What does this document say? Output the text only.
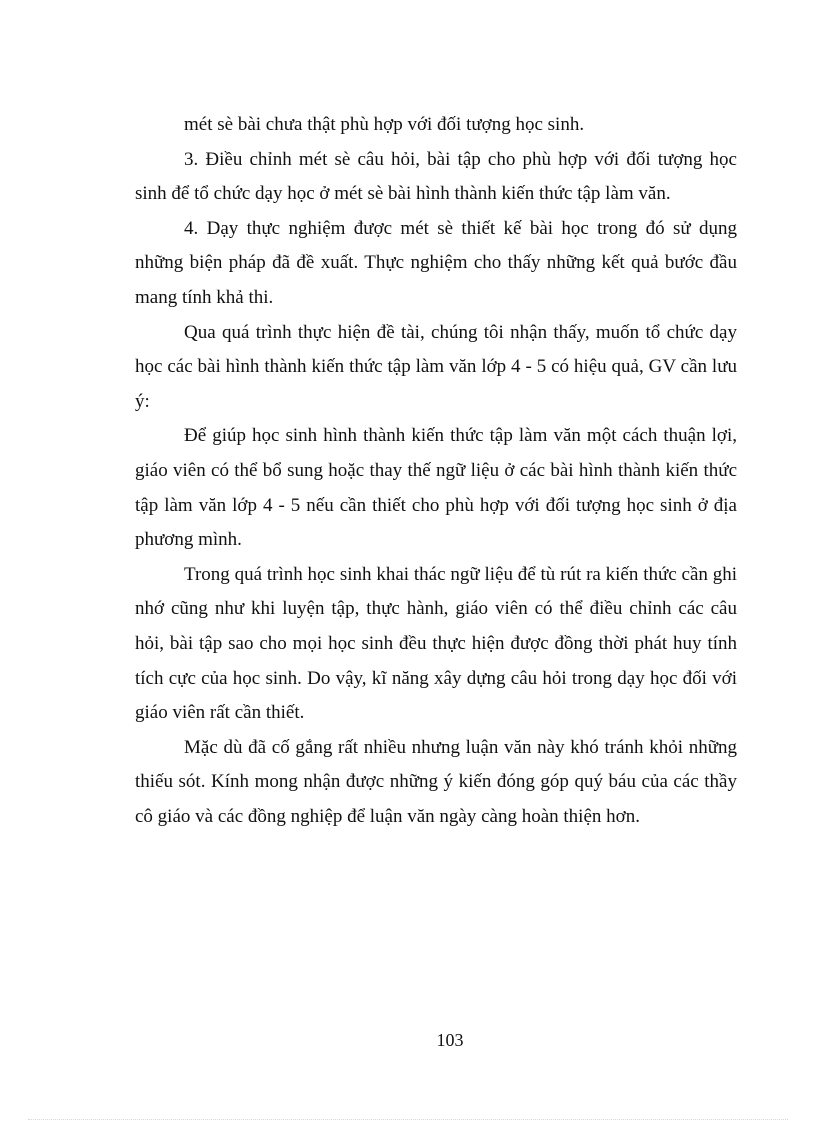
mét sè bài chưa thật phù hợp với đối tượng học sinh.

3. Điều chỉnh mét sè câu hỏi, bài tập cho phù hợp với đối tượng học sinh để tổ chức dạy học ở mét sè bài hình thành kiến thức tập làm văn.

4. Dạy thực nghiệm được mét sè thiết kế bài học trong đó sử dụng những biện pháp đã đề xuất. Thực nghiệm cho thấy những kết quả bước đầu mang tính khả thi.

Qua quá trình thực hiện đề tài, chúng tôi nhận thấy, muốn tổ chức dạy học các bài hình thành kiến thức tập làm văn lớp 4 - 5 có hiệu quả, GV cần lưu ý:

Để giúp học sinh hình thành kiến thức tập làm văn một cách thuận lợi, giáo viên có thể bổ sung hoặc thay thế ngữ liệu ở các bài hình thành kiến thức tập làm văn lớp 4 - 5 nếu cần thiết cho phù hợp với đối tượng học sinh ở địa phương mình.

Trong quá trình học sinh khai thác ngữ liệu để tù rút ra kiến thức cần ghi nhớ cũng như khi luyện tập, thực hành, giáo viên có thể điều chỉnh các câu hỏi, bài tập sao cho mọi học sinh đều thực hiện được đồng thời phát huy tính tích cực của học sinh. Do vậy, kĩ năng xây dựng câu hỏi trong dạy học đối với giáo viên rất cần thiết.

Mặc dù đã cố gắng rất nhiều nhưng luận văn này khó tránh khỏi những thiếu sót. Kính mong nhận được những ý kiến đóng góp quý báu của các thầy cô giáo và các đồng nghiệp để luận văn ngày càng hoàn thiện hơn.

103
